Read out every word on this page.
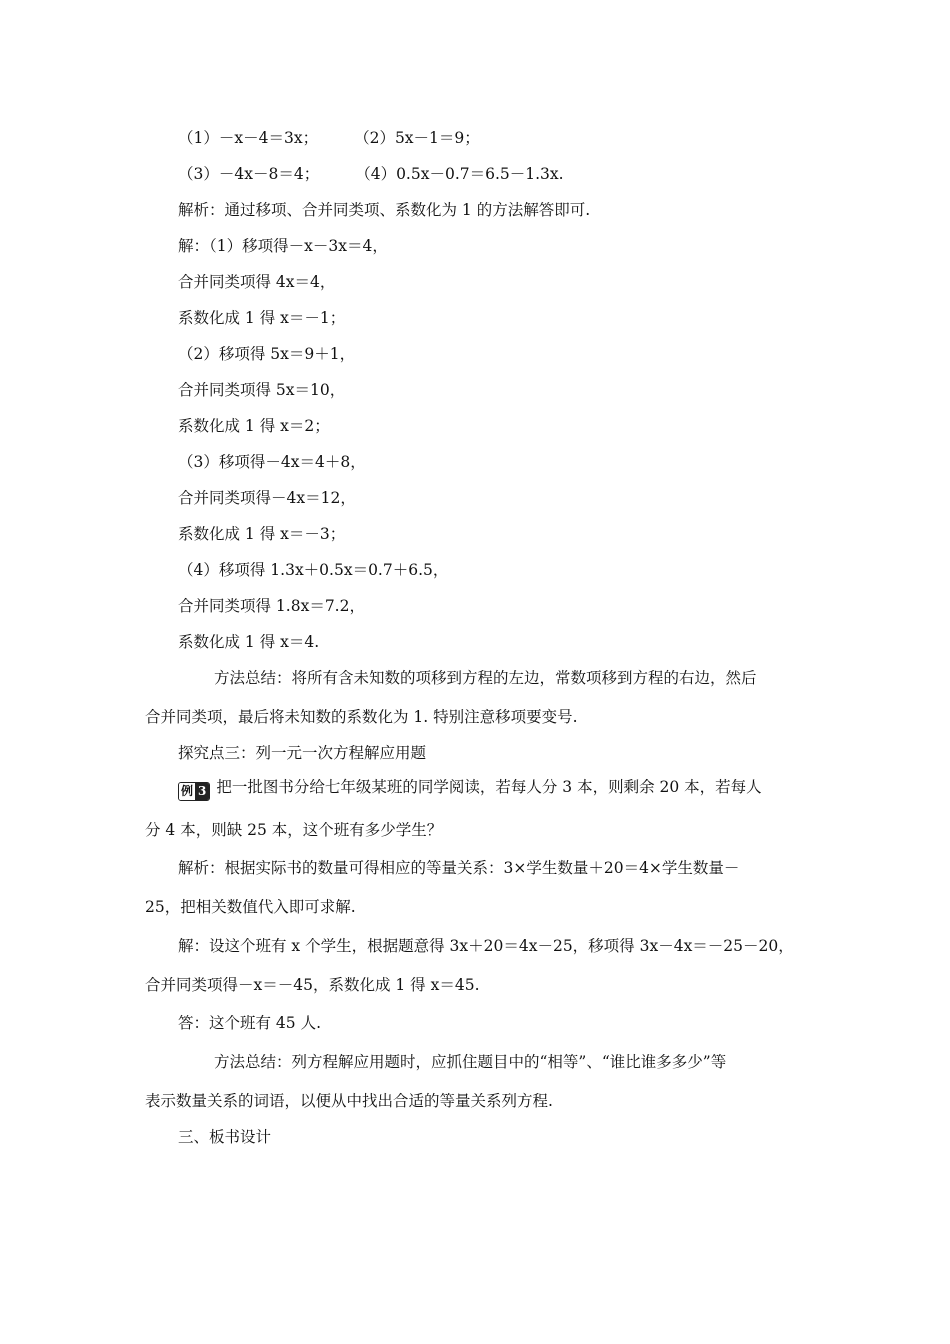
（1）－x－4＝3x； （2）5x－1＝9；
（3）－4x－8＝4； （4）0.5x－0.7＝6.5－1.3x.
解析：通过移项、合并同类项、系数化为 1 的方法解答即可.
解：（1）移项得－x－3x＝4，
合并同类项得 4x＝4，
系数化成 1 得 x＝－1；
（2）移项得 5x＝9＋1，
合并同类项得 5x＝10，
系数化成 1 得 x＝2；
（3）移项得－4x＝4＋8，
合并同类项得－4x＝12，
系数化成 1 得 x＝－3；
（4）移项得 1.3x＋0.5x＝0.7＋6.5，
合并同类项得 1.8x＝7.2，
系数化成 1 得 x＝4.
方法总结：将所有含未知数的项移到方程的左边，常数项移到方程的右边，然后
合并同类项，最后将未知数的系数化为 1. 特别注意移项要变号.
探究点三：列一元一次方程解应用题
例 3 把一批图书分给七年级某班的同学阅读，若每人分 3 本，则剩余 20 本，若每人
分 4 本，则缺 25 本，这个班有多少学生？
解析：根据实际书的数量可得相应的等量关系：3×学生数量＋20＝4×学生数量－
25，把相关数值代入即可求解.
解：设这个班有 x 个学生，根据题意得 3x＋20＝4x－25，移项得 3x－4x＝－25－20，
合并同类项得－x＝－45，系数化成 1 得 x＝45.
答：这个班有 45 人.
方法总结：列方程解应用题时，应抓住题目中的“相等”、“谁比谁多多少”等
表示数量关系的词语，以便从中找出合适的等量关系列方程.
三、板书设计
